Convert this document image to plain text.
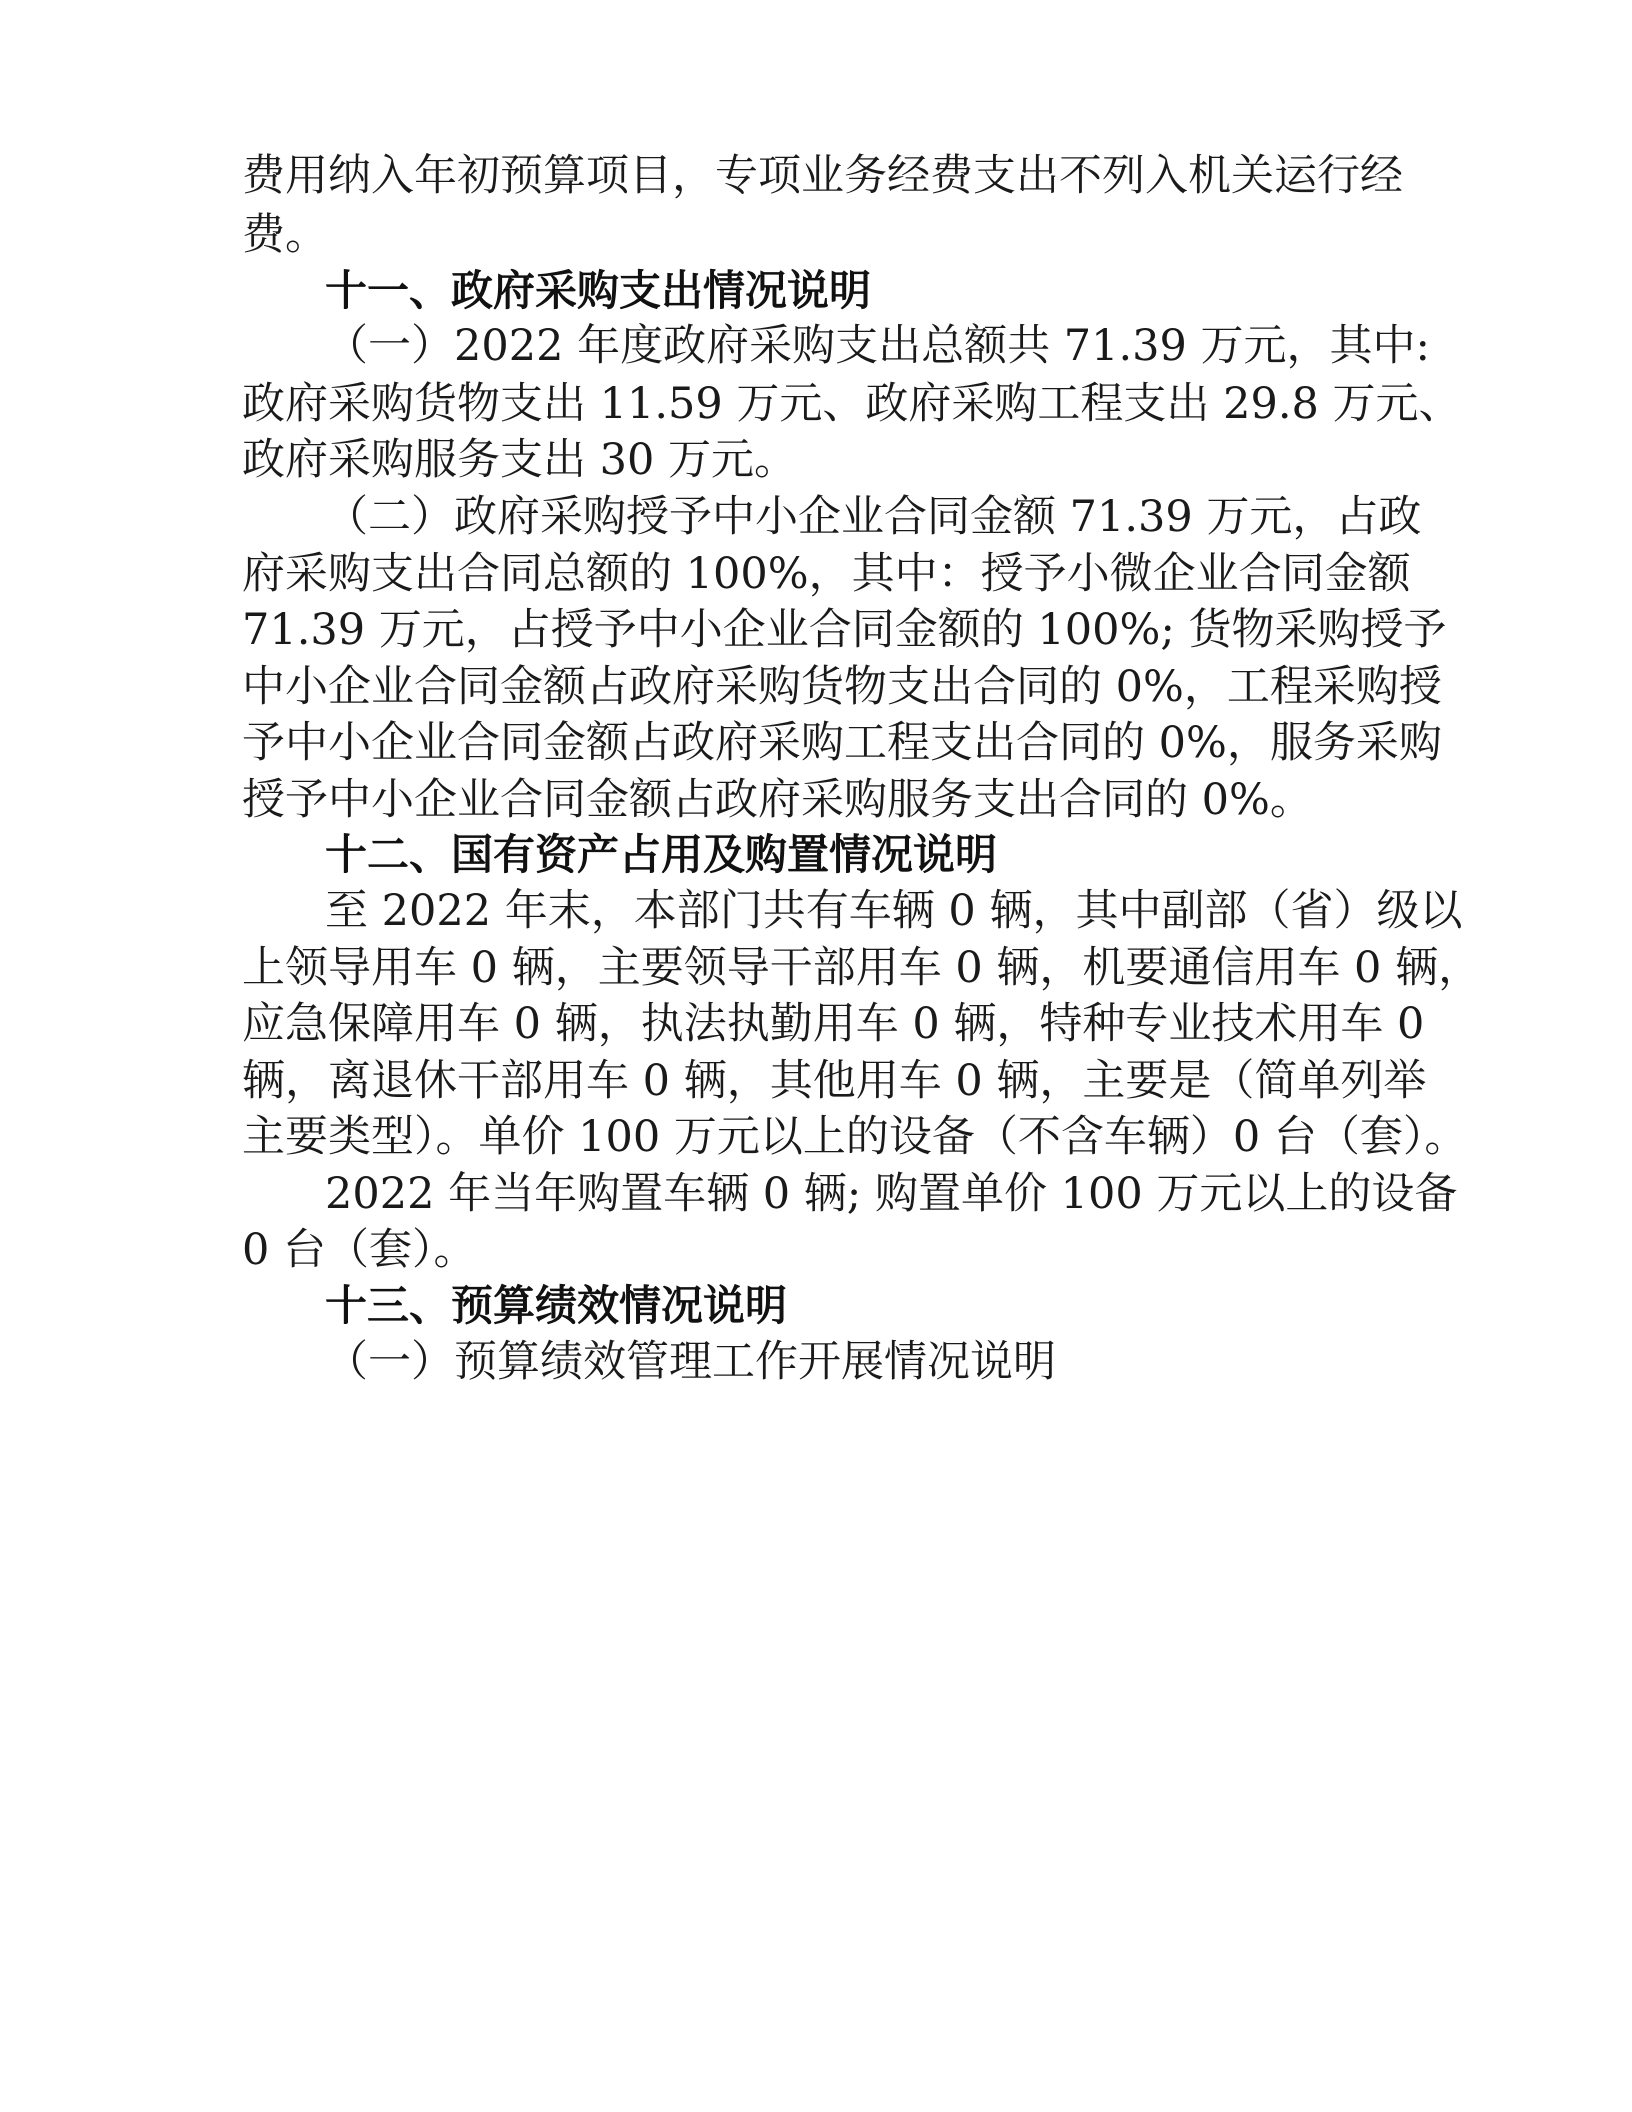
费用纳入年初预算项目，专项业务经费支出不列入机关运行经

费。

十一、政府采购支出情况说明

（一）2022 年度政府采购支出总额共 71.39 万元，其中:

政府采购货物支出 11.59 万元、政府采购工程支出 29.8 万元、

政府采购服务支出 30 万元。

（二）政府采购授予中小企业合同金额 71.39 万元，占政

府采购支出合同总额的 100%，其中：授予小微企业合同金额

71.39 万元，占授予中小企业合同金额的 100%; 货物采购授予

中小企业合同金额占政府采购货物支出合同的 0%，工程采购授

予中小企业合同金额占政府采购工程支出合同的 0%，服务采购

授予中小企业合同金额占政府采购服务支出合同的 0%。

十二、国有资产占用及购置情况说明

至 2022 年末，本部门共有车辆 0 辆，其中副部（省）级以

上领导用车 0 辆，主要领导干部用车 0 辆，机要通信用车 0 辆，

应急保障用车 0 辆，执法执勤用车 0 辆，特种专业技术用车 0

辆，离退休干部用车 0 辆，其他用车 0 辆，主要是（简单列举

主要类型）。单价 100 万元以上的设备（不含车辆）0 台（套）。

2022 年当年购置车辆 0 辆; 购置单价 100 万元以上的设备

0 台（套）。

十三、预算绩效情况说明

（一）预算绩效管理工作开展情况说明
